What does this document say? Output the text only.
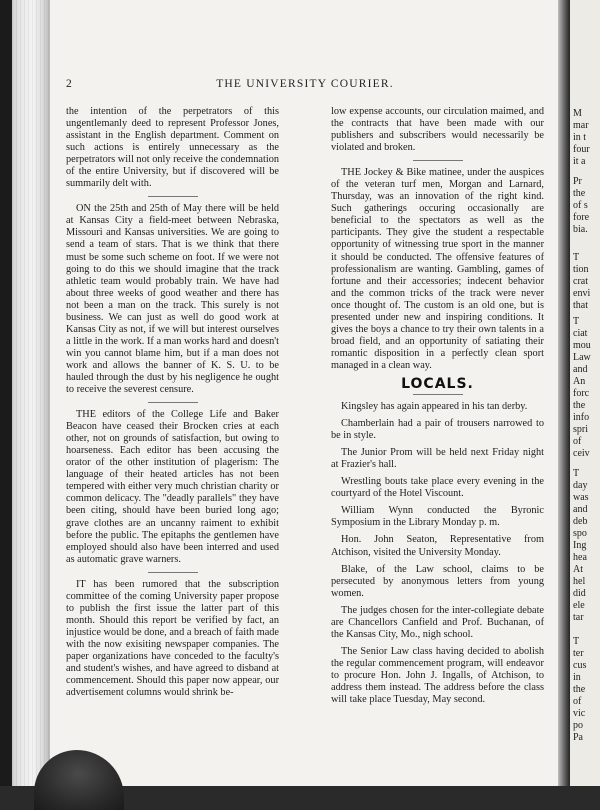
2	THE UNIVERSITY COURIER.

the intention of the perpetrators of this ungentlemanly deed to represent Professor Jones, assistant in the English department. Comment on such actions is entirely unnecessary as the perpetrators will not only receive the condemnation of the entire University, but if discovered will be summarily delt with.

ON the 25th and 25th of May there will be held at Kansas City a field-meet between Nebraska, Missouri and Kansas universities. We are going to send a team of stars. That is we think that there must be some such scheme on foot. If we were not going to do this we should imagine that the track athletic team would probably train. We have had about three weeks of good weather and there has not been a man on the track. This surely is not business. We can just as well do good work at Kansas City as not, if we will but interest ourselves a little in the work. If a man works hard and doesn't win you cannot blame him, but if a man does not work and allows the banner of K. S. U. to be hauled through the dust by his negligence he ought to receive the severest censure.

THE editors of the College Life and Baker Beacon have ceased their Brocken cries at each other, not on grounds of satisfaction, but owing to hoarseness. Each editor has been accusing the orator of the other institution of plagerism: The language of their heated articles has not been tempered with either very much christian charity or common delicacy. The "deadly parallels" they have been citing, should have been buried long ago; grave clothes are an uncanny raiment to exhibit before the public. The epitaphs the gentlemen have employed should also have been interred and used as automatic grave warners.

IT has been rumored that the subscription committee of the coming University paper propose to publish the first issue the latter part of this month. Should this report be verified by fact, an injustice would be done, and a breach of faith made with the now exisiting newspaper companies. The paper organizations have conceded to the faculty's and student's wishes, and have agreed to disband at commencement. Should this paper now appear, our advertisement columns would shrink be-

low expense accounts, our circulation maimed, and the contracts that have been made with our publishers and subscribers would necessarily be violated and broken.

THE Jockey & Bike matinee, under the auspices of the veteran turf men, Morgan and Larnard, Thursday, was an innovation of the right kind. Such gatherings occuring occasionally are beneficial to the spectators as well as the participants. They give the student a respectable opportunity of witnessing true sport in the manner it should be conducted. The offensive features of professionalism are wanting. Gambling, games of fortune and their accessories; indecent behavior and the common tricks of the track were never once thought of. The custom is an old one, but is presented under new and inspiring conditions. It gives the boys a chance to try their own talents in a broad field, and an opportunity of satiating their romantic disposition in a perfectly clean sport managed in a clean way.

LOCALS.

Kingsley has again appeared in his tan derby.

Chamberlain had a pair of trousers narrowed to be in style.

The Junior Prom will be held next Friday night at Frazier's hall.

Wrestling bouts take place every evening in the courtyard of the Hotel Viscount.

William Wynn conducted the Byronic Symposium in the Library Monday p. m.

Hon. John Seaton, Representative from Atchison, visited the University Monday.

Blake, of the Law school, claims to be persecuted by anonymous letters from young women.

The judges chosen for the inter-collegiate debate are Chancellors Canfield and Prof. Buchanan, of the Kansas City, Mo., nigh school.

The Senior Law class having decided to abolish the regular commencement program, will endeavor to procure Hon. John J. Ingalls, of Atchison, to address them instead. The address before the class will take place Tuesday, May second.

M
mar
in t
four
it a
Pr
the
of s
fore
bia.
T
tion
crat
envi
that
T
ciat
mou
Law
and
An
forc
the
info
spri
of
ceiv
T
day
was
and
deb
spo
Ing
hea
At
hel
did
ele
tar
T
ter
cus
in
the
of
vic
po
Pa
